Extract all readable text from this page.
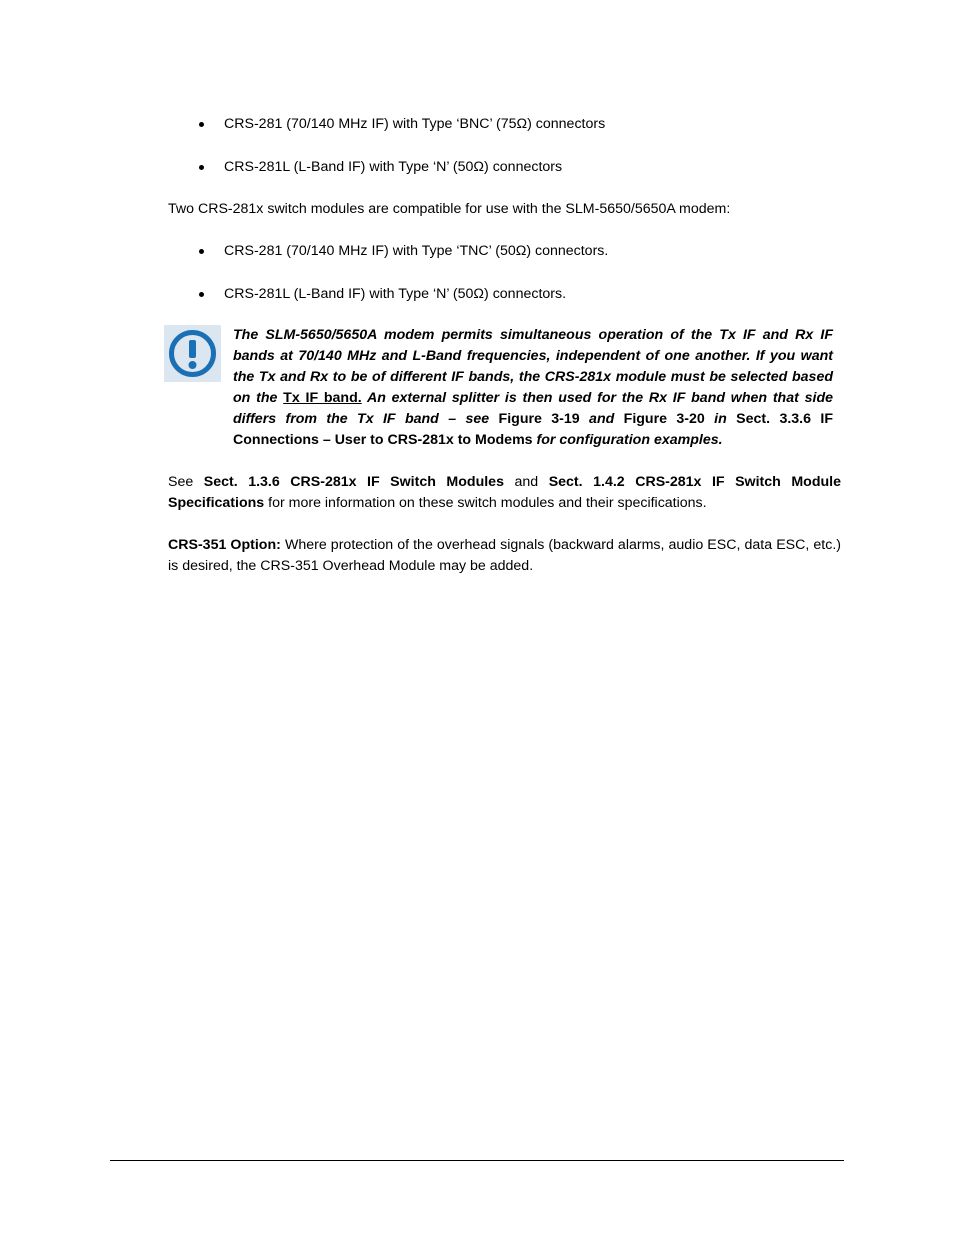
CRS-281 (70/140 MHz IF) with Type ‘BNC’ (75Ω) connectors
CRS-281L (L-Band IF) with Type ‘N’ (50Ω) connectors
Two CRS-281x switch modules are compatible for use with the SLM-5650/5650A modem:
CRS-281 (70/140 MHz IF) with Type ‘TNC’ (50Ω) connectors.
CRS-281L (L-Band IF) with Type ‘N’ (50Ω) connectors.
The SLM-5650/5650A modem permits simultaneous operation of the Tx IF and Rx IF bands at 70/140 MHz and L-Band frequencies, independent of one another. If you want the Tx and Rx to be of different IF bands, the CRS-281x module must be selected based on the Tx IF band. An external splitter is then used for the Rx IF band when that side differs from the Tx IF band – see Figure 3-19 and Figure 3-20 in Sect. 3.3.6 IF Connections – User to CRS-281x to Modems for configuration examples.
See Sect. 1.3.6 CRS-281x IF Switch Modules and Sect. 1.4.2 CRS-281x IF Switch Module Specifications for more information on these switch modules and their specifications.
CRS-351 Option: Where protection of the overhead signals (backward alarms, audio ESC, data ESC, etc.) is desired, the CRS-351 Overhead Module may be added.
